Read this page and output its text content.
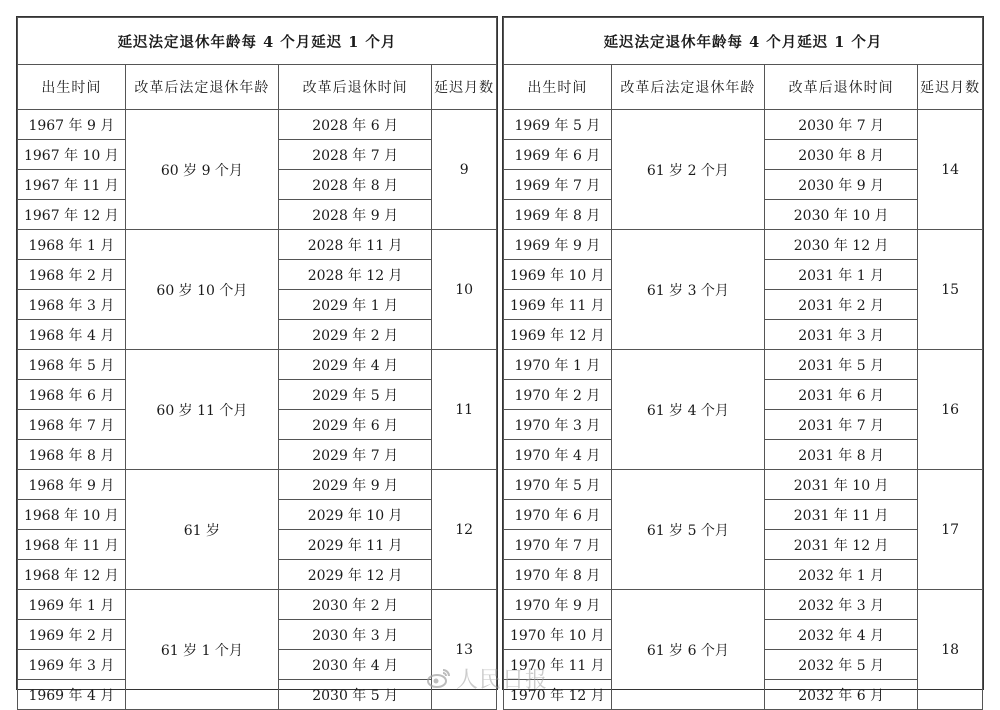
延迟法定退休年龄每 4 个月延迟 1 个月			
出生时间	改革后法定退休年龄	改革后退休时间	延迟月数
1967 年 9 月	60 岁 9 个月	2028 年 6 月	9
1967 年 10 月		2028 年 7 月	
1967 年 11 月		2028 年 8 月	
1967 年 12 月		2028 年 9 月	
1968 年 1 月	60 岁 10 个月	2028 年 11 月	10
1968 年 2 月		2028 年 12 月	
1968 年 3 月		2029 年 1 月	
1968 年 4 月		2029 年 2 月	
1968 年 5 月	60 岁 11 个月	2029 年 4 月	11
1968 年 6 月		2029 年 5 月	
1968 年 7 月		2029 年 6 月	
1968 年 8 月		2029 年 7 月	
1968 年 9 月	61 岁	2029 年 9 月	12
1968 年 10 月		2029 年 10 月	
1968 年 11 月		2029 年 11 月	
1968 年 12 月		2029 年 12 月	
1969 年 1 月	61 岁 1 个月	2030 年 2 月	13
1969 年 2 月		2030 年 3 月	
1969 年 3 月		2030 年 4 月	
1969 年 4 月		2030 年 5 月	
延迟法定退休年龄每 4 个月延迟 1 个月			
出生时间	改革后法定退休年龄	改革后退休时间	延迟月数
1969 年 5 月	61 岁 2 个月	2030 年 7 月	14
1969 年 6 月		2030 年 8 月	
1969 年 7 月		2030 年 9 月	
1969 年 8 月		2030 年 10 月	
1969 年 9 月	61 岁 3 个月	2030 年 12 月	15
1969 年 10 月		2031 年 1 月	
1969 年 11 月		2031 年 2 月	
1969 年 12 月		2031 年 3 月	
1970 年 1 月	61 岁 4 个月	2031 年 5 月	16
1970 年 2 月		2031 年 6 月	
1970 年 3 月		2031 年 7 月	
1970 年 4 月		2031 年 8 月	
1970 年 5 月	61 岁 5 个月	2031 年 10 月	17
1970 年 6 月		2031 年 11 月	
1970 年 7 月		2031 年 12 月	
1970 年 8 月		2032 年 1 月	
1970 年 9 月	61 岁 6 个月	2032 年 3 月	18
1970 年 10 月		2032 年 4 月	
1970 年 11 月		2032 年 5 月	
1970 年 12 月		2032 年 6 月	
人民日报
